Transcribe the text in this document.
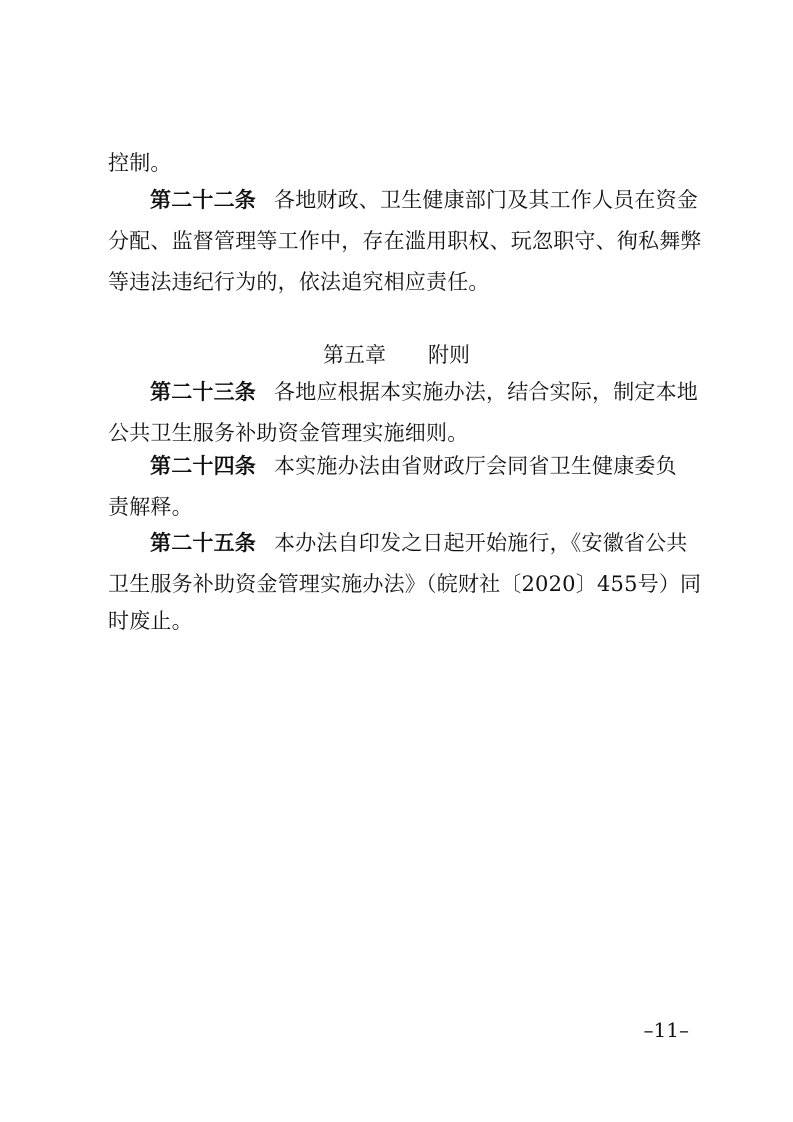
控制。
第二十二条 各地财政、卫生健康部门及其工作人员在资金
分配、监督管理等工作中，存在滥用职权、玩忽职守、徇私舞弊
等违法违纪行为的，依法追究相应责任。
第五章　　附则
第二十三条 各地应根据本实施办法，结合实际，制定本地
公共卫生服务补助资金管理实施细则。
第二十四条 本实施办法由省财政厅会同省卫生健康委负
责解释。
第二十五条 本办法自印发之日起开始施行，《安徽省公共
卫生服务补助资金管理实施办法》（皖财社〔2020〕455号）同
时废止。
–11–
